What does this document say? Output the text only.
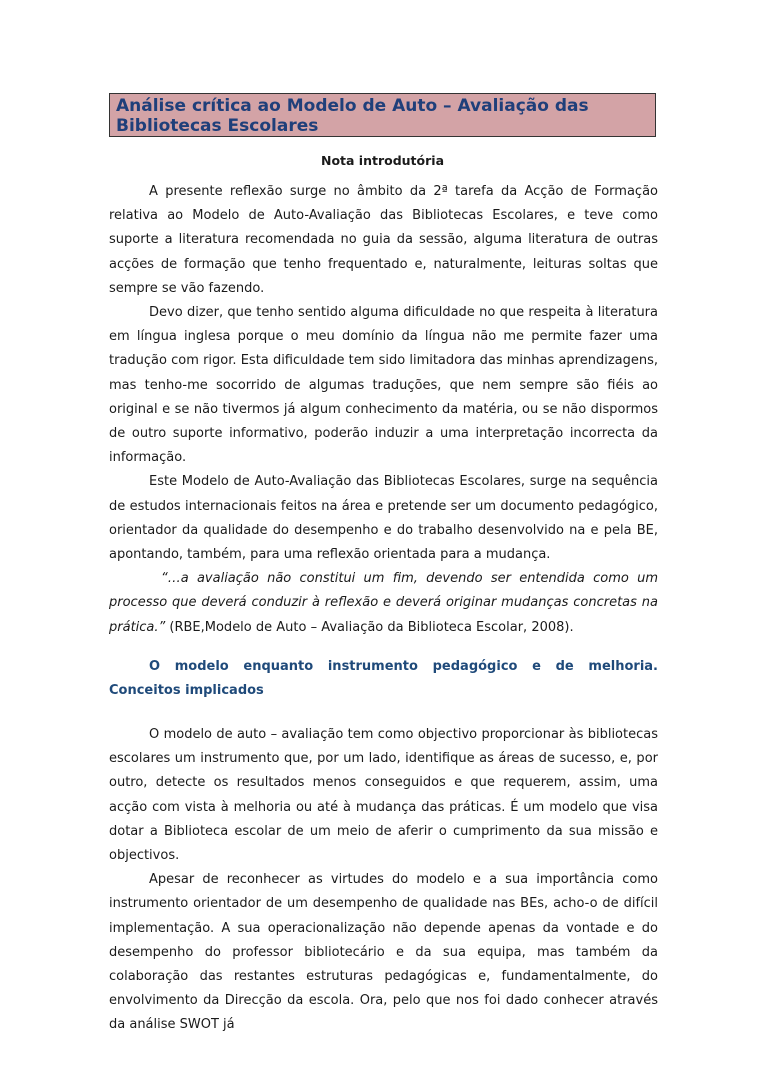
Análise crítica ao Modelo de Auto – Avaliação das Bibliotecas Escolares
Nota introdutória

A presente reflexão surge no âmbito da 2ª tarefa da Acção de Formação relativa ao Modelo de Auto-Avaliação das Bibliotecas Escolares, e teve como suporte a literatura recomendada no guia da sessão, alguma literatura de outras acções de formação que tenho frequentado e, naturalmente, leituras soltas que sempre se vão fazendo.

Devo dizer, que tenho sentido alguma dificuldade no que respeita à literatura em língua inglesa porque o meu domínio da língua não me permite fazer uma tradução com rigor. Esta dificuldade tem sido limitadora das minhas aprendizagens, mas tenho-me socorrido de algumas traduções, que nem sempre são fiéis ao original e se não tivermos já algum conhecimento da matéria, ou se não dispormos de outro suporte informativo, poderão induzir a uma interpretação incorrecta da informação.

Este Modelo de Auto-Avaliação das Bibliotecas Escolares, surge na sequência de estudos internacionais feitos na área e pretende ser um documento pedagógico, orientador da qualidade do desempenho e do trabalho desenvolvido na e pela BE, apontando, também, para uma reflexão orientada para a mudança.

“…a avaliação não constitui um fim, devendo ser entendida como um processo que deverá conduzir à reflexão e deverá originar mudanças concretas na prática.” (RBE,Modelo de Auto – Avaliação da Biblioteca Escolar, 2008).

O modelo enquanto instrumento pedagógico e de melhoria. Conceitos implicados

O modelo de auto – avaliação tem como objectivo proporcionar às bibliotecas escolares um instrumento que, por um lado, identifique as áreas de sucesso, e, por outro, detecte os resultados menos conseguidos e que requerem, assim, uma acção com vista à melhoria ou até à mudança das práticas. É um modelo que visa dotar a Biblioteca escolar de um meio de aferir o cumprimento da sua missão e objectivos.

Apesar de reconhecer as virtudes do modelo e a sua importância como instrumento orientador de um desempenho de qualidade nas BEs, acho-o de difícil implementação. A sua operacionalização não depende apenas da vontade e do desempenho do professor bibliotecário e da sua equipa, mas também da colaboração das restantes estruturas pedagógicas e, fundamentalmente, do envolvimento da Direcção da escola. Ora, pelo que nos foi dado conhecer através da análise SWOT já
